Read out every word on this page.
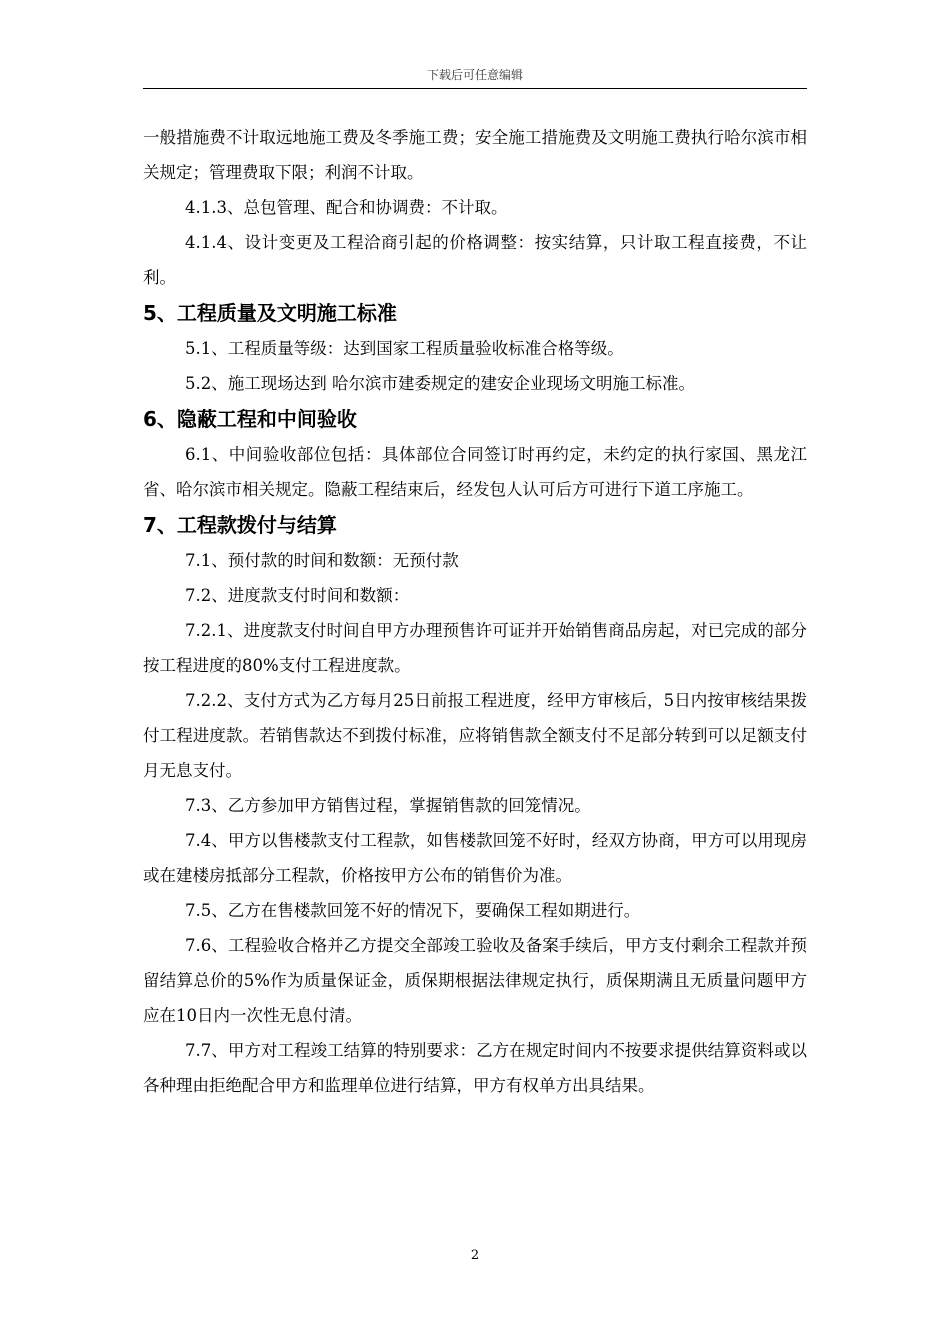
下载后可任意编辑

一般措施费不计取远地施工费及冬季施工费；安全施工措施费及文明施工费执行哈尔滨市相关规定；管理费取下限；利润不计取。

4.1.3、总包管理、配合和协调费：不计取。

4.1.4、设计变更及工程洽商引起的价格调整：按实结算，只计取工程直接费，不让利。

5、工程质量及文明施工标准

5.1、工程质量等级：达到国家工程质量验收标准合格等级。

5.2、施工现场达到 哈尔滨市建委规定的建安企业现场文明施工标准。

6、隐蔽工程和中间验收

6.1、中间验收部位包括：具体部位合同签订时再约定，未约定的执行家国、黑龙江省、哈尔滨市相关规定。隐蔽工程结束后，经发包人认可后方可进行下道工序施工。

7、工程款拨付与结算

7.1、预付款的时间和数额：无预付款

7.2、进度款支付时间和数额：

7.2.1、进度款支付时间自甲方办理预售许可证并开始销售商品房起，对已完成的部分按工程进度的80%支付工程进度款。

7.2.2、支付方式为乙方每月25日前报工程进度，经甲方审核后，5日内按审核结果拨付工程进度款。若销售款达不到拨付标准，应将销售款全额支付不足部分转到可以足额支付月无息支付。

7.3、乙方参加甲方销售过程，掌握销售款的回笼情况。

7.4、甲方以售楼款支付工程款，如售楼款回笼不好时，经双方协商，甲方可以用现房或在建楼房抵部分工程款，价格按甲方公布的销售价为准。

7.5、乙方在售楼款回笼不好的情况下，要确保工程如期进行。

7.6、工程验收合格并乙方提交全部竣工验收及备案手续后，甲方支付剩余工程款并预留结算总价的5%作为质量保证金，质保期根据法律规定执行，质保期满且无质量问题甲方应在10日内一次性无息付清。

7.7、甲方对工程竣工结算的特别要求：乙方在规定时间内不按要求提供结算资料或以各种理由拒绝配合甲方和监理单位进行结算，甲方有权单方出具结果。

2
